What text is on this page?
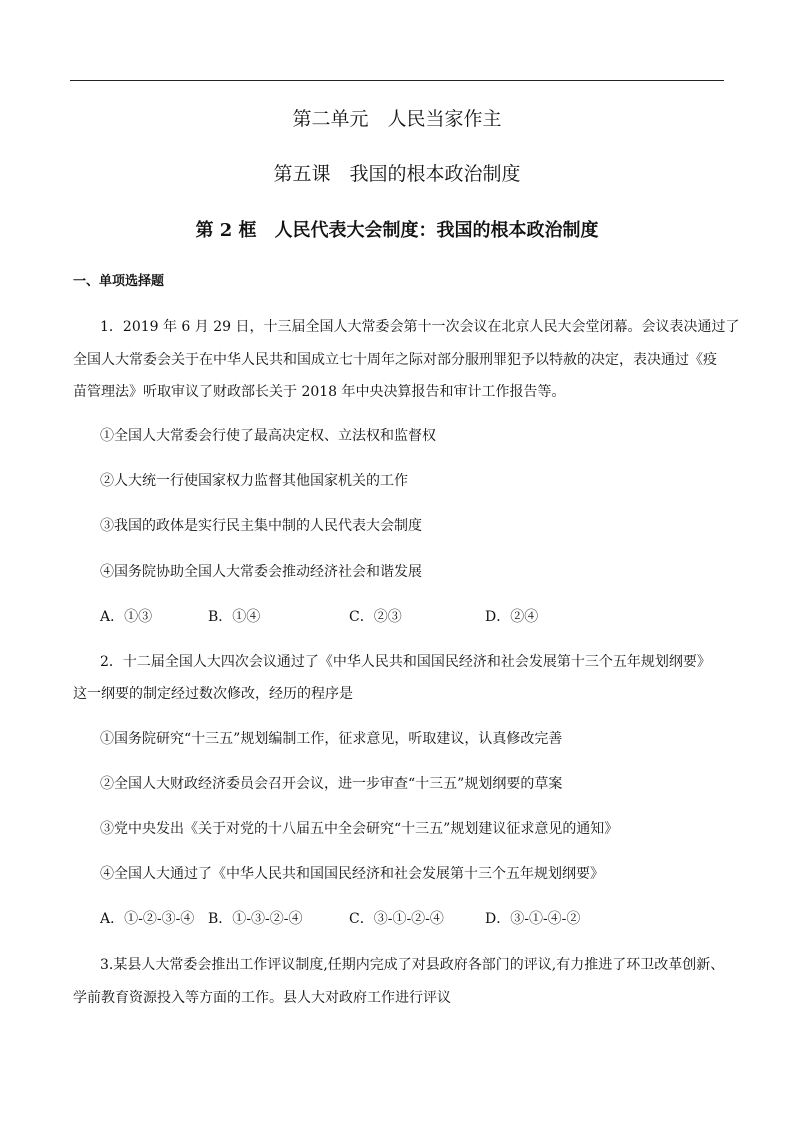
第二单元　人民当家作主
第五课　我国的根本政治制度
第 2 框　人民代表大会制度：我国的根本政治制度
一、单项选择题
1．2019 年 6 月 29 日，十三届全国人大常委会第十一次会议在北京人民大会堂闭幕。会议表决通过了
全国人大常委会关于在中华人民共和国成立七十周年之际对部分服刑罪犯予以特赦的决定，表决通过《疫
苗管理法》听取审议了财政部长关于 2018 年中央决算报告和审计工作报告等。
①全国人大常委会行使了最高决定权、立法权和监督权
②人大统一行使国家权力监督其他国家机关的工作
③我国的政体是实行民主集中制的人民代表大会制度
④国务院协助全国人大常委会推动经济社会和谐发展
A．①③	B．①④	C．②③	D．②④
2．十二届全国人大四次会议通过了《中华人民共和国国民经济和社会发展第十三个五年规划纲要》
这一纲要的制定经过数次修改，经历的程序是
①国务院研究“十三五”规划编制工作，征求意见，听取建议，认真修改完善
②全国人大财政经济委员会召开会议，进一步审查“十三五”规划纲要的草案
③党中央发出《关于对党的十八届五中全会研究“十三五”规划建议征求意见的通知》
④全国人大通过了《中华人民共和国国民经济和社会发展第十三个五年规划纲要》
A．①-②-③-④ B．①-③-②-④	C．③-①-②-④	D．③-①-④-②
3.某县人大常委会推出工作评议制度,任期内完成了对县政府各部门的评议,有力推进了环卫改革创新、
学前教育资源投入等方面的工作。县人大对政府工作进行评议
